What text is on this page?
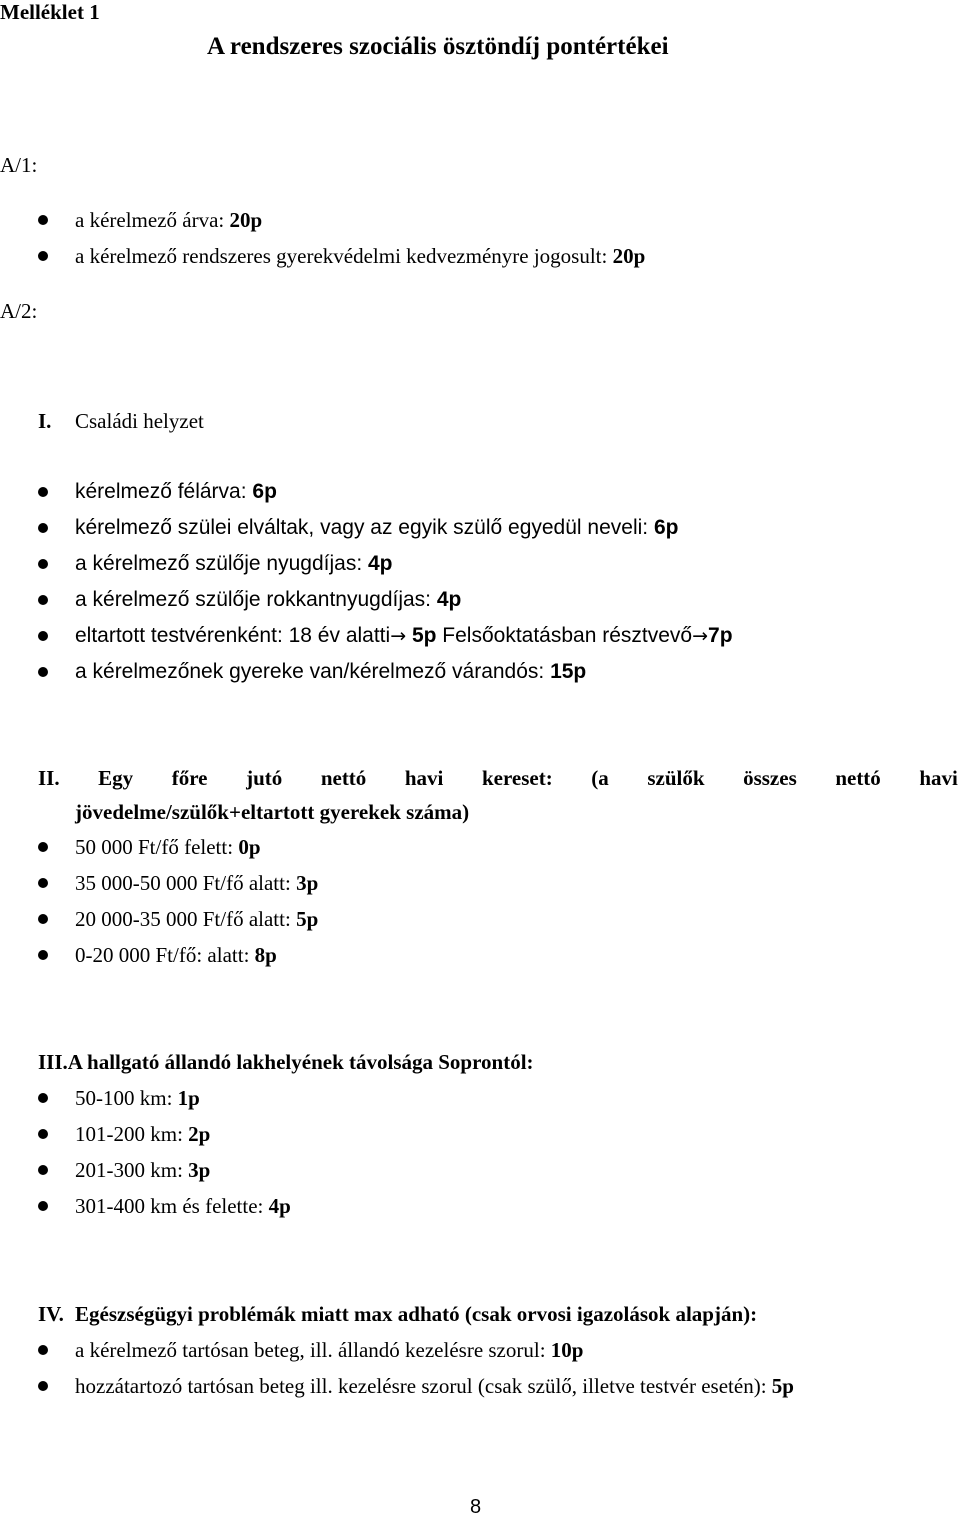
Melléklet 1
A rendszeres szociális ösztöndíj pontértékei
A/1:
a kérelmező árva: 20p
a kérelmező rendszeres gyerekvédelmi kedvezményre jogosult: 20p
A/2:
I. Családi helyzet
kérelmező félárva: 6p
kérelmező szülei elváltak, vagy az egyik szülő egyedül neveli: 6p
a kérelmező szülője nyugdíjas: 4p
a kérelmező szülője rokkantnyugdíjas: 4p
eltartott testvérenként: 18 év alatti→ 5p Felsőoktatásban résztvevő→7p
a kérelmezőnek gyereke van/kérelmező várandós: 15p
II. Egy főre jutó nettó havi kereset: (a szülők összes nettó havi
jövedelme/szülők+eltartott gyerekek száma)
50 000 Ft/fő felett: 0p
35 000-50 000 Ft/fő alatt: 3p
20 000-35 000 Ft/fő alatt: 5p
0-20 000 Ft/fő: alatt: 8p
III.A hallgató állandó lakhelyének távolsága Soprontól:
50-100 km: 1p
101-200 km: 2p
201-300 km: 3p
301-400 km és felette: 4p
IV. Egészségügyi problémák miatt max adható (csak orvosi igazolások alapján):
a kérelmező tartósan beteg, ill. állandó kezelésre szorul: 10p
hozzátartozó tartósan beteg ill. kezelésre szorul (csak szülő, illetve testvér esetén): 5p
8
